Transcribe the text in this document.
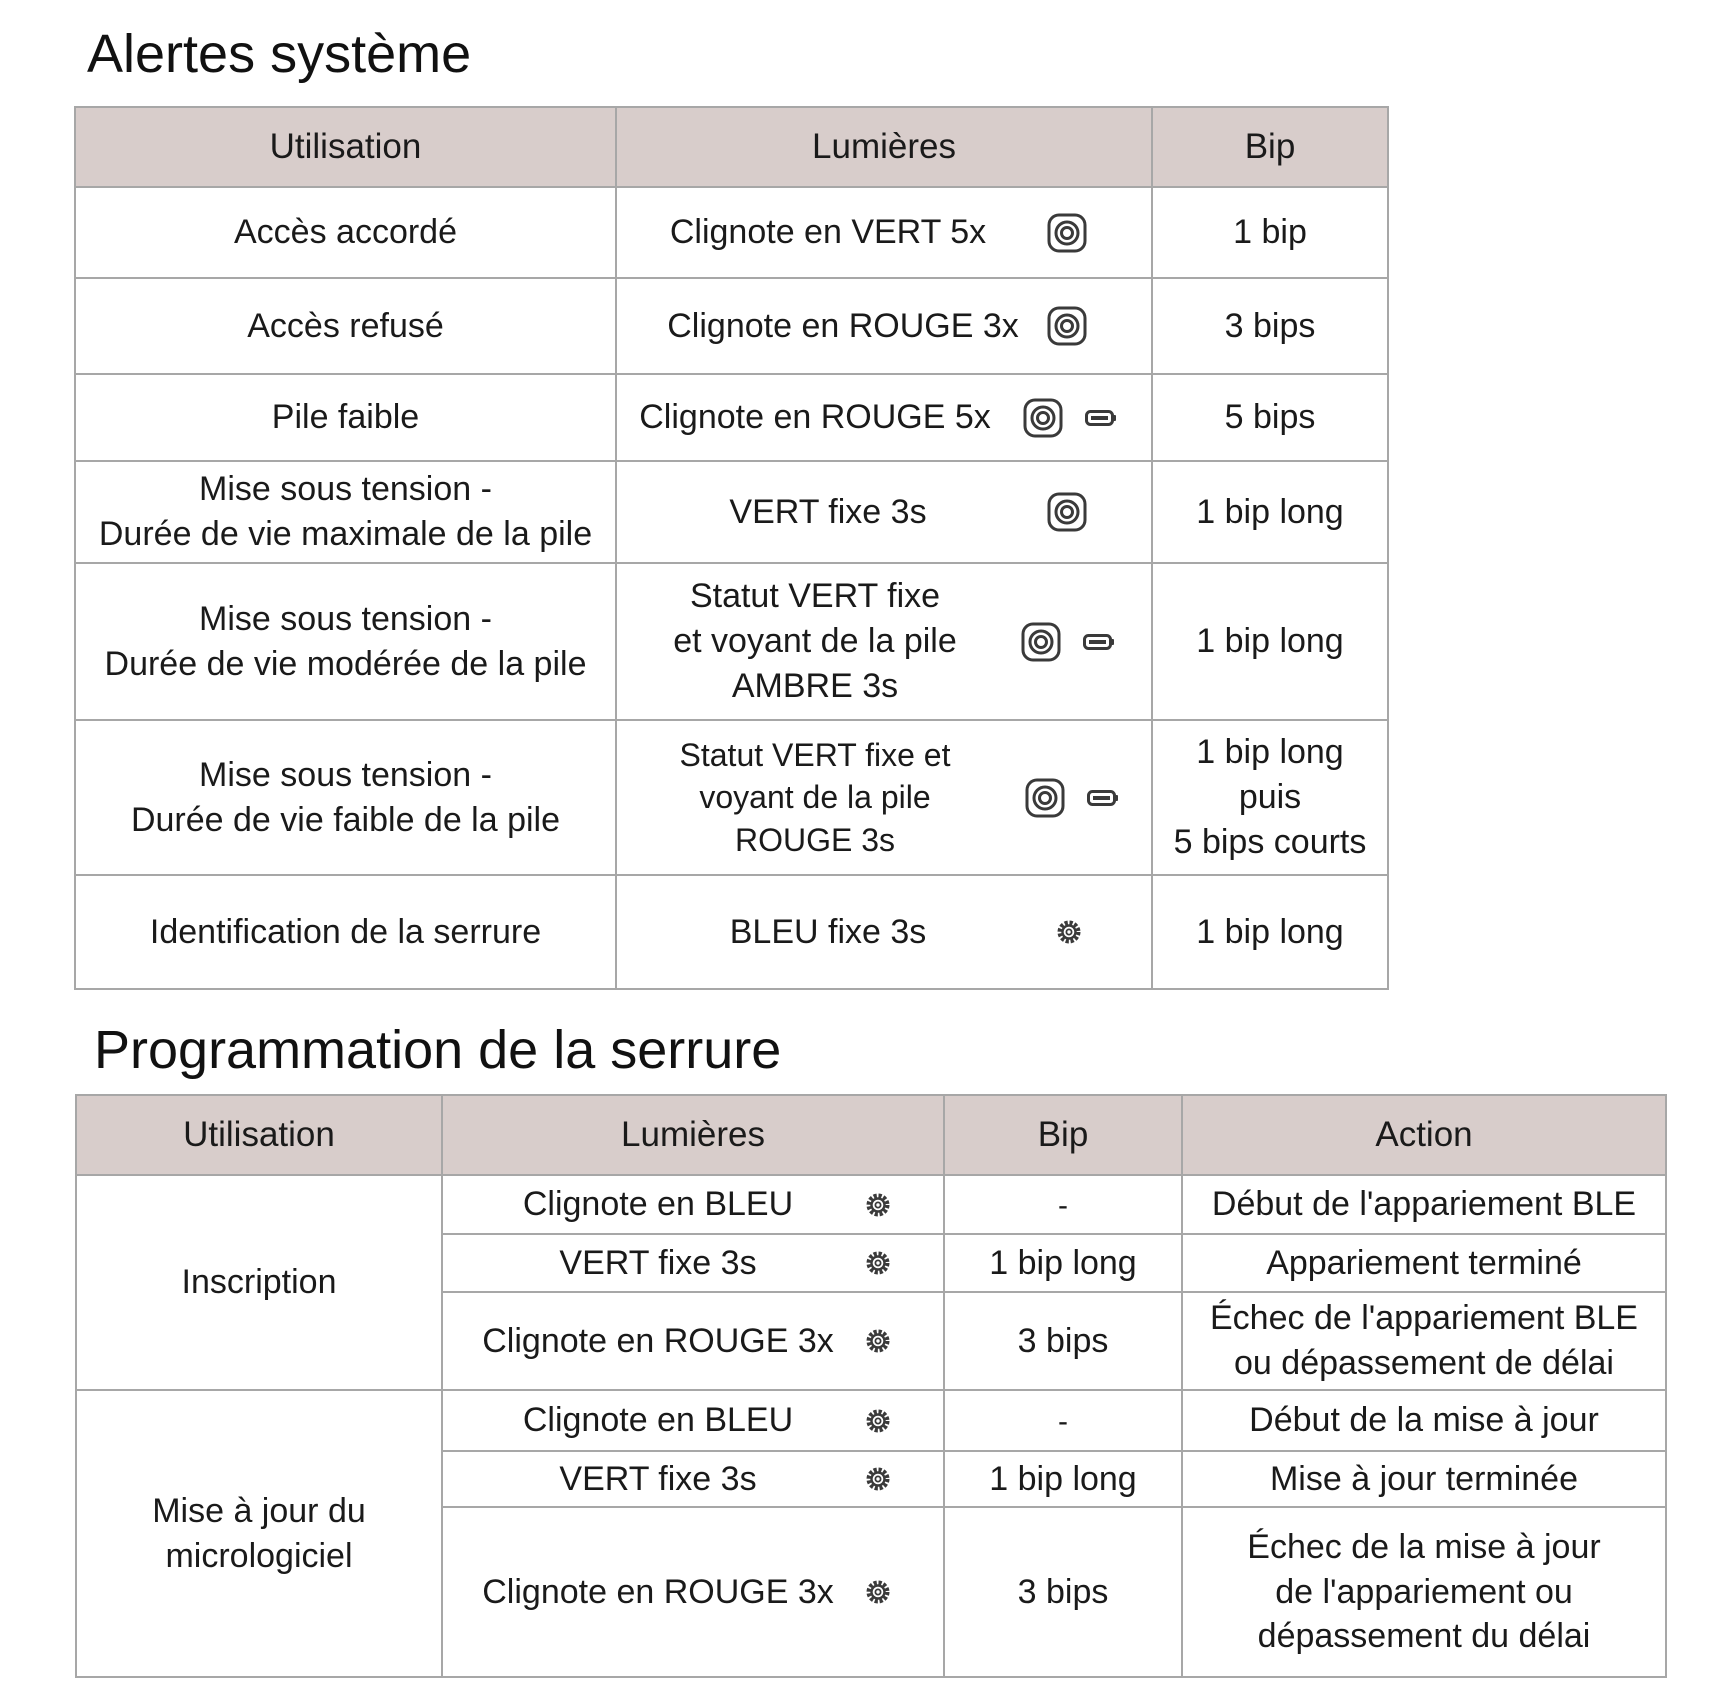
Alertes système
Utilisation	Lumières	Bip
Accès accordé	Clignote en VERT 5x	1 bip
Accès refusé	Clignote en ROUGE 3x	3 bips
Pile faible	Clignote en ROUGE 5x	5 bips
Mise sous tension -
Durée de vie maximale de la pile	VERT fixe 3s	1 bip long
Mise sous tension -
Durée de vie modérée de la pile	Statut VERT fixe
et voyant de la pile
AMBRE 3s	1 bip long
Mise sous tension -
Durée de vie faible de la pile	Statut VERT fixe et
voyant de la pile
ROUGE 3s	1 bip long
puis
5 bips courts
Identification de la serrure	BLEU fixe 3s	1 bip long
Programmation de la serrure
Utilisation	Lumières	Bip	Action
Inscription	Clignote en BLEU	-	Début de l'appariement BLE
	VERT fixe 3s	1 bip long	Appariement terminé
	Clignote en ROUGE 3x	3 bips	Échec de l'appariement BLE
ou dépassement de délai
Mise à jour du
micrologiciel	Clignote en BLEU	-	Début de la mise à jour
	VERT fixe 3s	1 bip long	Mise à jour terminée
	Clignote en ROUGE 3x	3 bips	Échec de la mise à jour
de l'appariement ou
dépassement du délai
